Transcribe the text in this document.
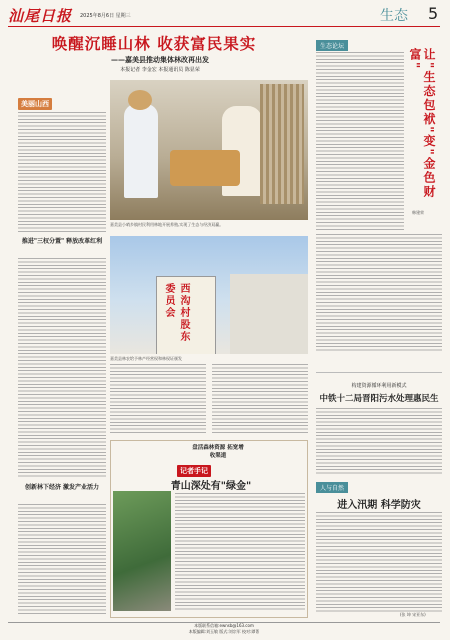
汕尾日报 2025年8月6日 星期三	生态 5
唤醒沉睡山林 收获富民果实
——嘉美县推动集体林改再出发
本报记者 李金宏 本报通讯员 陈显荣
美丽山西
嘉美县小哨乡镇村民利用林地开展养殖,实现了生态与经济双赢。
西沟村股东委员会
嘉美县林农给予林产经营权和林权证颁发
推进"三权分置" 释放改革红利
创新林下经济 激发产业活力
盘活森林资源 拓宽增收渠道
记者手记
青山深处有"绿金"
生态论坛
让"生态包袱"变"金色财富"
韩建荣
构建资源循环利用新模式
中铁十二局晋阳污水处理惠民生
人与自然
进入汛期 科学防灾
(张 坤 宋亚东)
本版联系信箱:ewnsb@163.com
本版编辑:刘玉敏 版式:刘宗军 校对:谭菁
